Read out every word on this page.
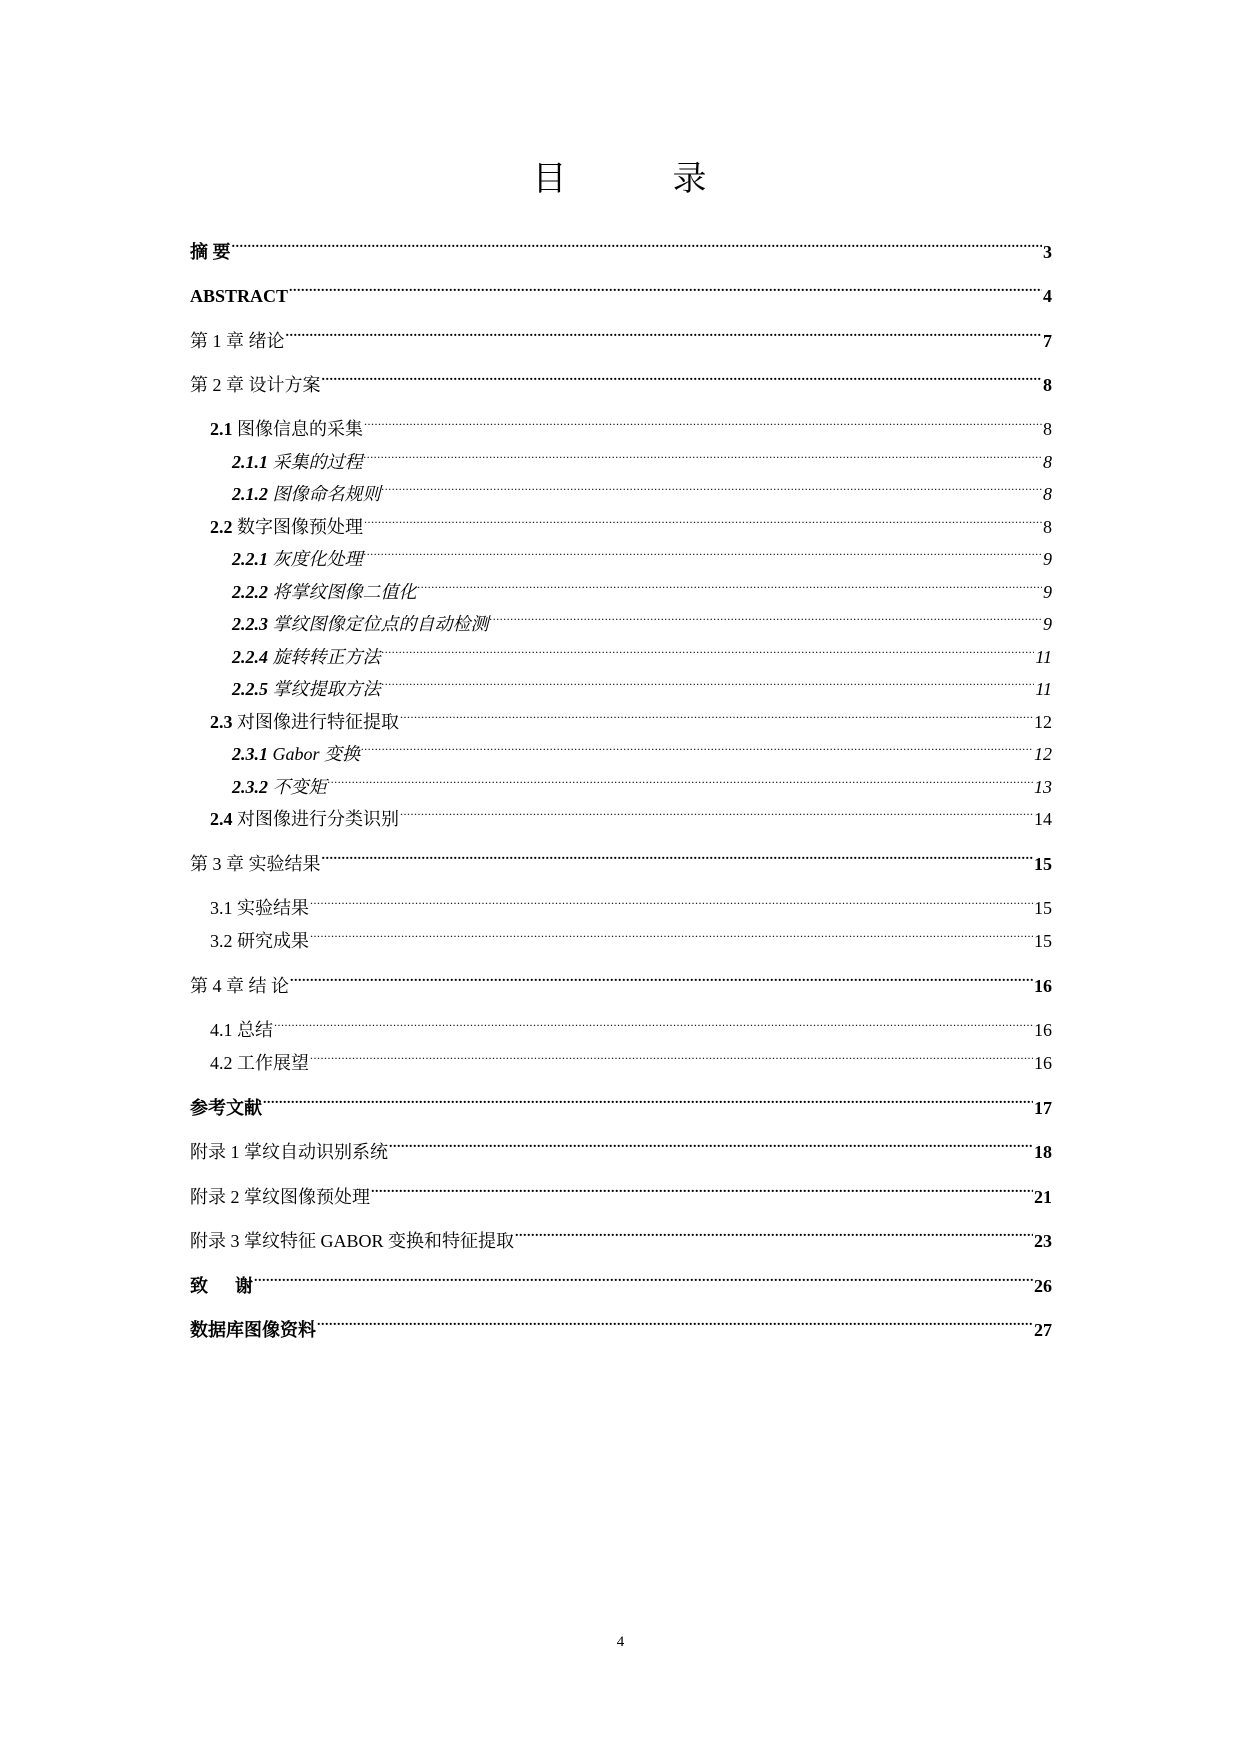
目	录
摘 要 .....	3
ABSTRACT .....	4
第 1 章 绪论 .....	7
第 2 章 设计方案 .....	8
2.1 图像信息的采集 .....	8
2.1.1 采集的过程 .....	8
2.1.2 图像命名规则 .....	8
2.2 数字图像预处理 .....	8
2.2.1 灰度化处理 .....	9
2.2.2 将掌纹图像二值化 .....	9
2.2.3 掌纹图像定位点的自动检测 .....	9
2.2.4 旋转转正方法 .....	11
2.2.5 掌纹提取方法 .....	11
2.3 对图像进行特征提取 .....	12
2.3.1 Gabor 变换 .....	12
2.3.2 不变矩 .....	13
2.4 对图像进行分类识别 .....	14
第 3 章 实验结果 .....	15
3.1 实验结果 .....	15
3.2 研究成果 .....	15
第 4 章 结 论 .....	16
4.1 总结 .....	16
4.2 工作展望 .....	16
参考文献 .....	17
附录 1 掌纹自动识别系统 .....	18
附录 2 掌纹图像预处理 .....	21
附录 3 掌纹特征 GABOR 变换和特征提取 .....	23
致      谢 .....	26
数据库图像资料 .....	27
4
